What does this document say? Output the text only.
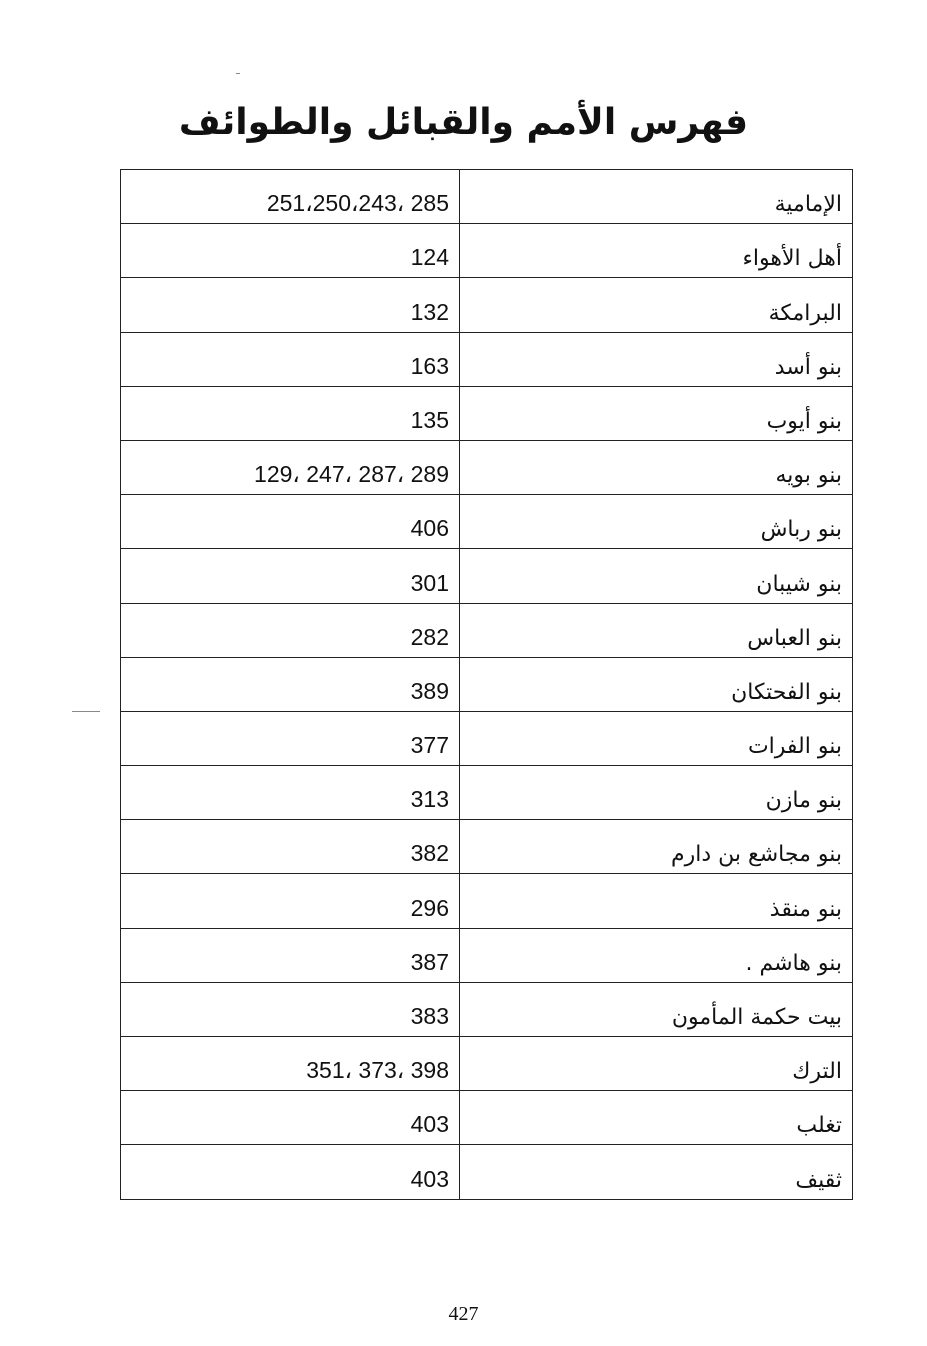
فهرس الأمم والقبائل والطوائف
251،250،243، 285	الإمامية
124	أهل الأهواء
132	البرامكة
163	بنو أسد
135	بنو أيوب
129، 247، 287، 289	بنو بويه
406	بنو رباش
301	بنو شيبان
282	بنو العباس
389	بنو الفحتكان
377	بنو الفرات
313	بنو مازن
382	بنو مجاشع بن دارم
296	بنو منقذ
387	بنو هاشم .
383	بيت حكمة المأمون
351، 373، 398	الترك
403	تغلب
403	ثقيف
427
